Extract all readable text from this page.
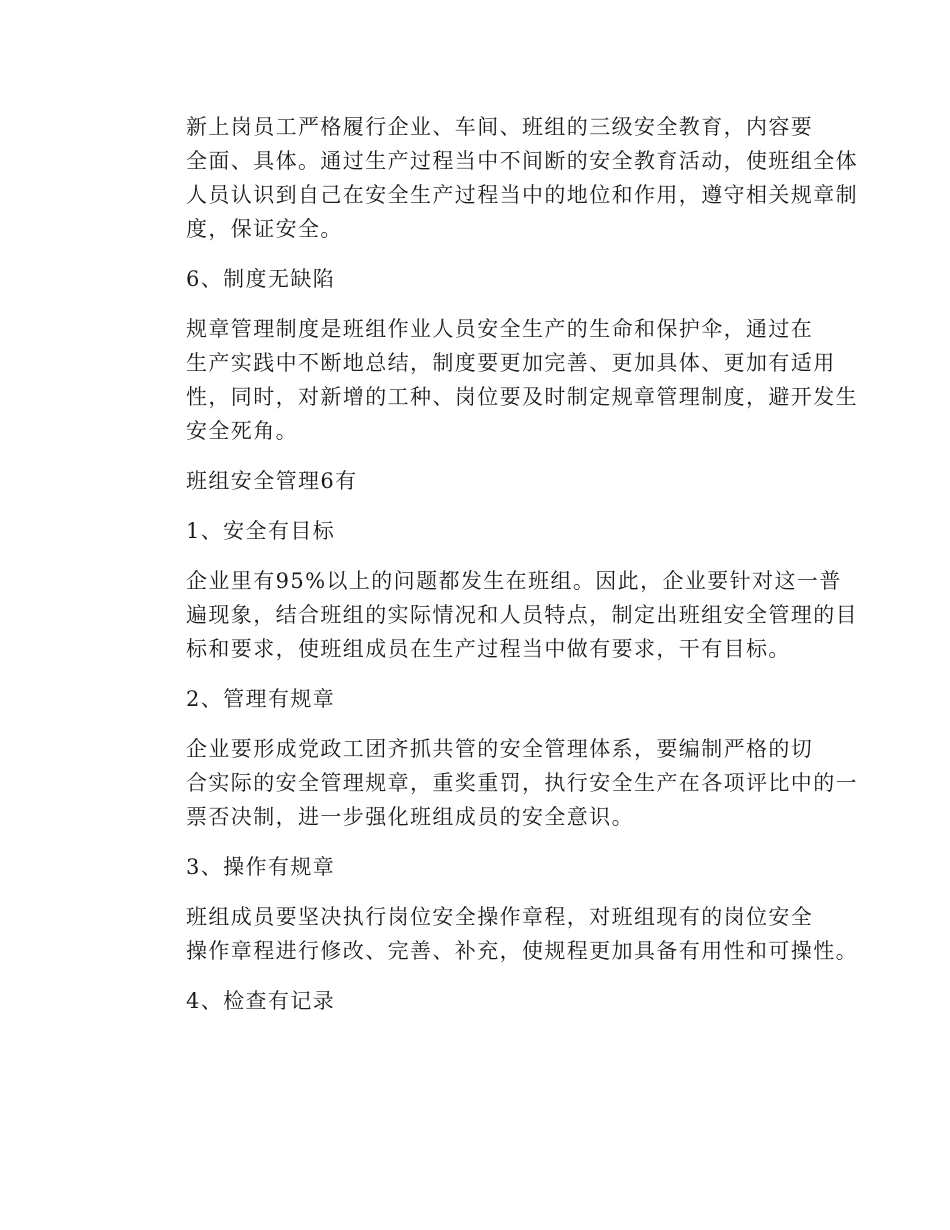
新上岗员工严格履行企业、车间、班组的三级安全教育，内容要
全面、具体。通过生产过程当中不间断的安全教育活动，使班组全体
人员认识到自己在安全生产过程当中的地位和作用，遵守相关规章制
度，保证安全。
6、制度无缺陷
规章管理制度是班组作业人员安全生产的生命和保护伞，通过在
生产实践中不断地总结，制度要更加完善、更加具体、更加有适用
性，同时，对新增的工种、岗位要及时制定规章管理制度，避开发生
安全死角。
班组安全管理6有
1、安全有目标
企业里有95%以上的问题都发生在班组。因此，企业要针对这一普
遍现象，结合班组的实际情况和人员特点，制定出班组安全管理的目
标和要求，使班组成员在生产过程当中做有要求，干有目标。
2、管理有规章
企业要形成党政工团齐抓共管的安全管理体系，要编制严格的切
合实际的安全管理规章，重奖重罚，执行安全生产在各项评比中的一
票否决制，进一步强化班组成员的安全意识。
3、操作有规章
班组成员要坚决执行岗位安全操作章程，对班组现有的岗位安全
操作章程进行修改、完善、补充，使规程更加具备有用性和可操性。
4、检查有记录
